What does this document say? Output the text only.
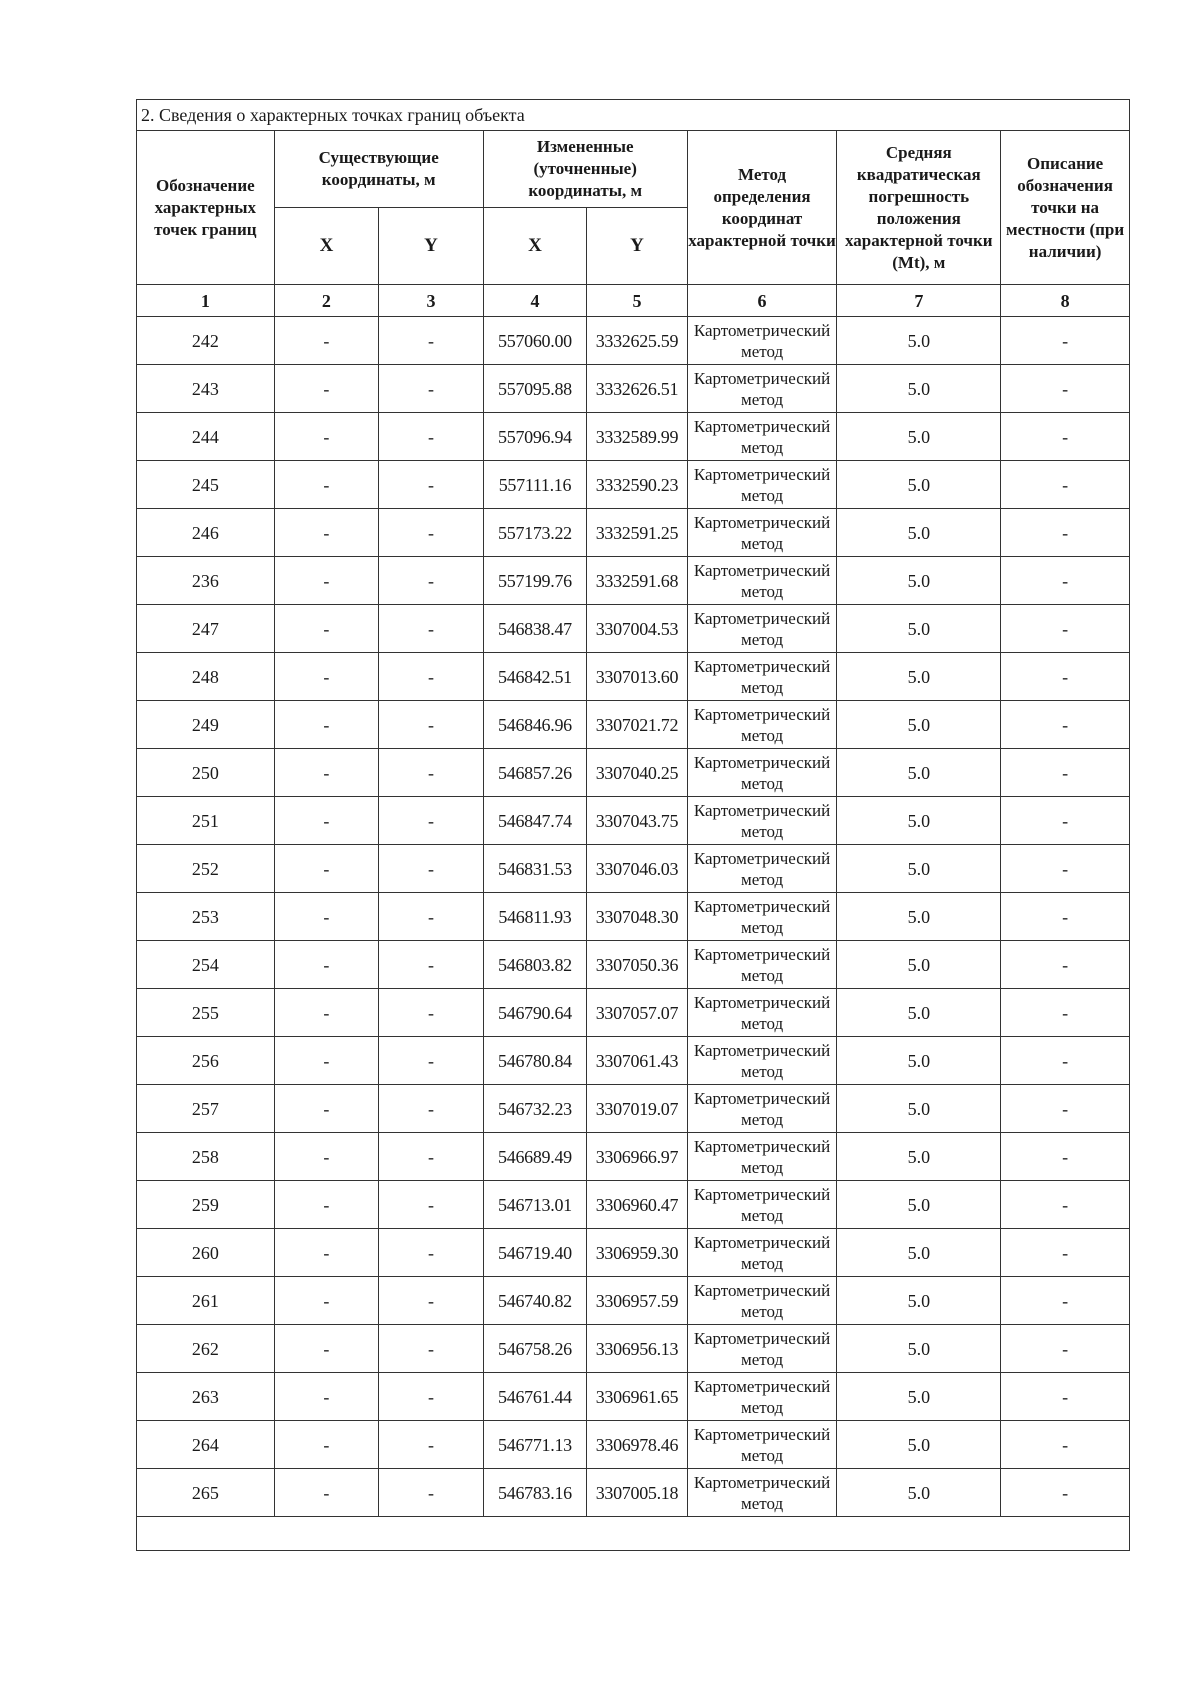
2. Сведения о характерных точках границ объекта							
Обозначение характерных точек границ	Существующие координаты, м		Измененные (уточненные) координаты, м		Метод определения координат характерной точки	Средняя квадратическая погрешность положения характерной точки (Mt), м	Описание обозначения точки на местности (при наличии)
	X	Y	X	Y			
1	2	3	4	5	6	7	8
242	-	-	557060.00	3332625.59	Картометрический метод	5.0	-
243	-	-	557095.88	3332626.51	Картометрический метод	5.0	-
244	-	-	557096.94	3332589.99	Картометрический метод	5.0	-
245	-	-	557111.16	3332590.23	Картометрический метод	5.0	-
246	-	-	557173.22	3332591.25	Картометрический метод	5.0	-
236	-	-	557199.76	3332591.68	Картометрический метод	5.0	-
247	-	-	546838.47	3307004.53	Картометрический метод	5.0	-
248	-	-	546842.51	3307013.60	Картометрический метод	5.0	-
249	-	-	546846.96	3307021.72	Картометрический метод	5.0	-
250	-	-	546857.26	3307040.25	Картометрический метод	5.0	-
251	-	-	546847.74	3307043.75	Картометрический метод	5.0	-
252	-	-	546831.53	3307046.03	Картометрический метод	5.0	-
253	-	-	546811.93	3307048.30	Картометрический метод	5.0	-
254	-	-	546803.82	3307050.36	Картометрический метод	5.0	-
255	-	-	546790.64	3307057.07	Картометрический метод	5.0	-
256	-	-	546780.84	3307061.43	Картометрический метод	5.0	-
257	-	-	546732.23	3307019.07	Картометрический метод	5.0	-
258	-	-	546689.49	3306966.97	Картометрический метод	5.0	-
259	-	-	546713.01	3306960.47	Картометрический метод	5.0	-
260	-	-	546719.40	3306959.30	Картометрический метод	5.0	-
261	-	-	546740.82	3306957.59	Картометрический метод	5.0	-
262	-	-	546758.26	3306956.13	Картометрический метод	5.0	-
263	-	-	546761.44	3306961.65	Картометрический метод	5.0	-
264	-	-	546771.13	3306978.46	Картометрический метод	5.0	-
265	-	-	546783.16	3307005.18	Картометрический метод	5.0	-
